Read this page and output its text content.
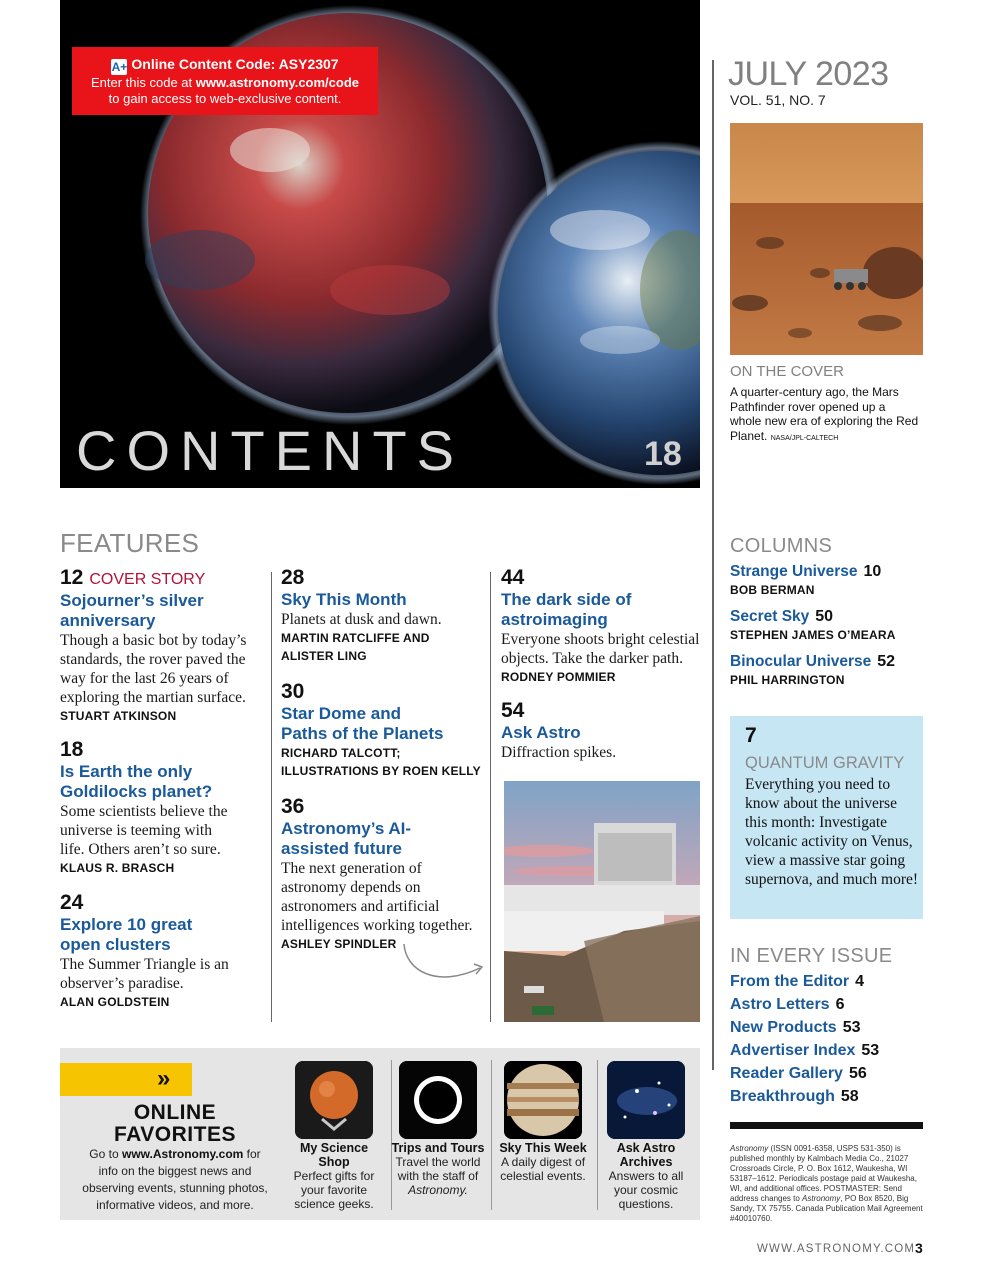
A+ Online Content Code: ASY2307
Enter this code at www.astronomy.com/code
to gain access to web-exclusive content.
CONTENTS	18
JULY 2023
VOL. 51, NO. 7
ON THE COVER
A quarter-century ago, the Mars Pathfinder rover opened up a whole new era of exploring the Red Planet. NASA/JPL-CALTECH
FEATURES
12 COVER STORY
Sojourner’s silver anniversary
Though a basic bot by today’s standards, the rover paved the way for the last 26 years of exploring the martian surface.
STUART ATKINSON
18
Is Earth the only Goldilocks planet?
Some scientists believe the universe is teeming with life. Others aren’t so sure.
KLAUS R. BRASCH
24
Explore 10 great open clusters
The Summer Triangle is an observer’s paradise.
ALAN GOLDSTEIN
28
Sky This Month
Planets at dusk and dawn.
MARTIN RATCLIFFE AND ALISTER LING
30
Star Dome and Paths of the Planets
RICHARD TALCOTT; ILLUSTRATIONS BY ROEN KELLY
36
Astronomy’s AI-assisted future
The next generation of astronomy depends on astronomers and artificial intelligences working together.
ASHLEY SPINDLER
44
The dark side of astroimaging
Everyone shoots bright celestial objects. Take the darker path. RODNEY POMMIER
54
Ask Astro
Diffraction spikes.
COLUMNS
Strange Universe 10
BOB BERMAN
Secret Sky 50
STEPHEN JAMES O’MEARA
Binocular Universe 52
PHIL HARRINGTON
7
QUANTUM GRAVITY
Everything you need to know about the universe this month: Investigate volcanic activity on Venus, view a massive star going supernova, and much more!
IN EVERY ISSUE
From the Editor 4
Astro Letters 6
New Products 53
Advertiser Index 53
Reader Gallery 56
Breakthrough 58
Astronomy (ISSN 0091-6358, USPS 531-350) is published monthly by Kalmbach Media Co., 21027 Crossroads Circle, P. O. Box 1612, Waukesha, WI 53187–1612. Periodicals postage paid at Waukesha, WI, and additional offices. POSTMASTER: Send address changes to Astronomy, PO Box 8520, Big Sandy, TX 75755. Canada Publication Mail Agreement #40010760.
»
ONLINE
FAVORITES
Go to www.Astronomy.com for info on the biggest news and observing events, stunning photos, informative videos, and more.
My Science Shop
Perfect gifts for your favorite science geeks.
Trips and Tours
Travel the world with the staff of Astronomy.
Sky This Week
A daily digest of celestial events.
Ask Astro Archives
Answers to all your cosmic questions.
WWW.ASTRONOMY.COM 3
